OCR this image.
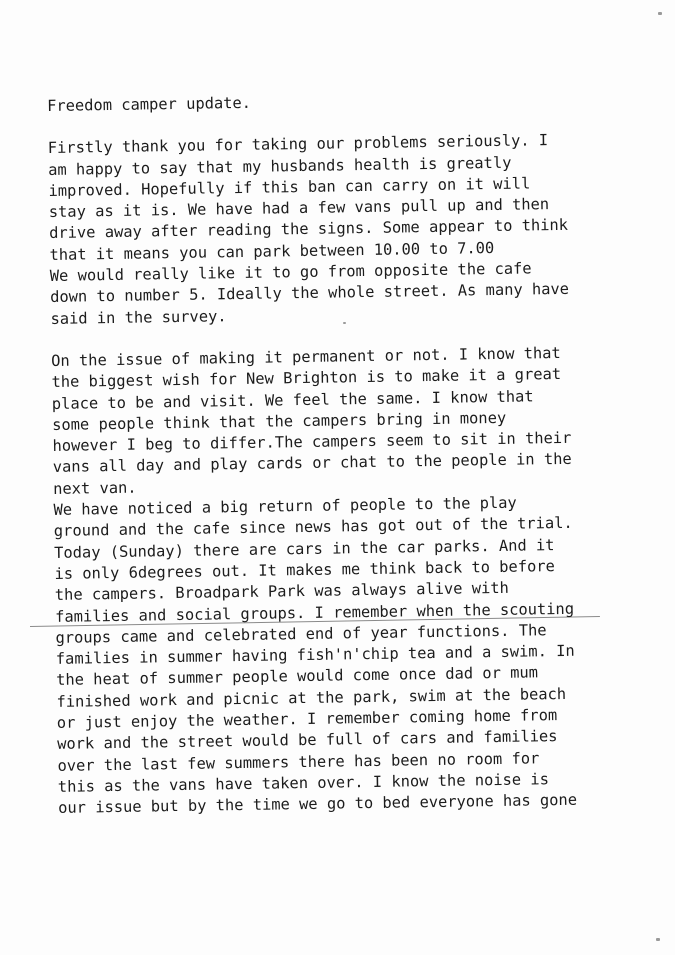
Freedom camper update.
Firstly thank you for taking our problems seriously. I
am happy to say that my husbands health is greatly
improved. Hopefully if this ban can carry on it will
stay as it is. We have had a few vans pull up and then
drive away after reading the signs. Some appear to think
that it means you can park between 10.00 to 7.00
We would really like it to go from opposite the cafe
down to number 5. Ideally the whole street. As many have
said in the survey.
On the issue of making it permanent or not. I know that
the biggest wish for New Brighton is to make it a great
place to be and visit. We feel the same. I know that
some people think that the campers bring in money
however I beg to differ.The campers seem to sit in their
vans all day and play cards or chat to the people in the
next van.
We have noticed a big return of people to the play
ground and the cafe since news has got out of the trial.
Today (Sunday) there are cars in the car parks. And it
is only 6degrees out. It makes me think back to before
the campers. Broadpark Park was always alive with
families and social groups. I remember when the scouting
groups came and celebrated end of year functions. The
families in summer having fish'n'chip tea and a swim. In
the heat of summer people would come once dad or mum
finished work and picnic at the park, swim at the beach
or just enjoy the weather. I remember coming home from
work and the street would be full of cars and families
over the last few summers there has been no room for
this as the vans have taken over. I know the noise is
our issue but by the time we go to bed everyone has gone
